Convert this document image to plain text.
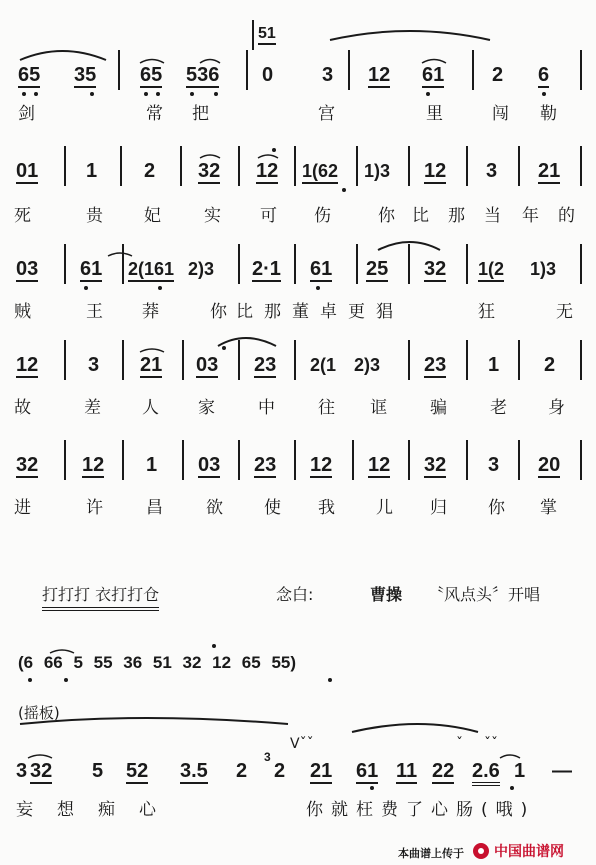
51
65 35 65 536 0 3 12 61 2 6
剑	常 把	宫	里	闯 勒
01 1 2 32 12 1(62 1)3 12 3 21
死	贵 妃	实 可 伤	你 比 那 当 年 的
03 61 2(161 2)3 2·1 61 25 32 1(2 1)3
贼	王 莽	你 比 那 董 卓 更 猖	狂	无
12 3 21 03 23 2(1 2)3 23 1 2
故	差 人 家	中	往 诓	骗	老 身
32 12 1 03 23 12 12 32 3 20
进	许	昌	欲 使 我 儿 归 你 掌
打打打 衣打打仓	念白:	曹操 〝风点头〞开唱
(6 66 5 55 36 51 32 12 65 55)
(摇板)
3 32 5 52 3.5 2
3
2
Vˇˇ
21 61 11 22
ˇ
2.6
ˇˇ
1 —
妄想痴心	你就枉费了心肠(哦)
本曲谱上传于 中国曲谱网
